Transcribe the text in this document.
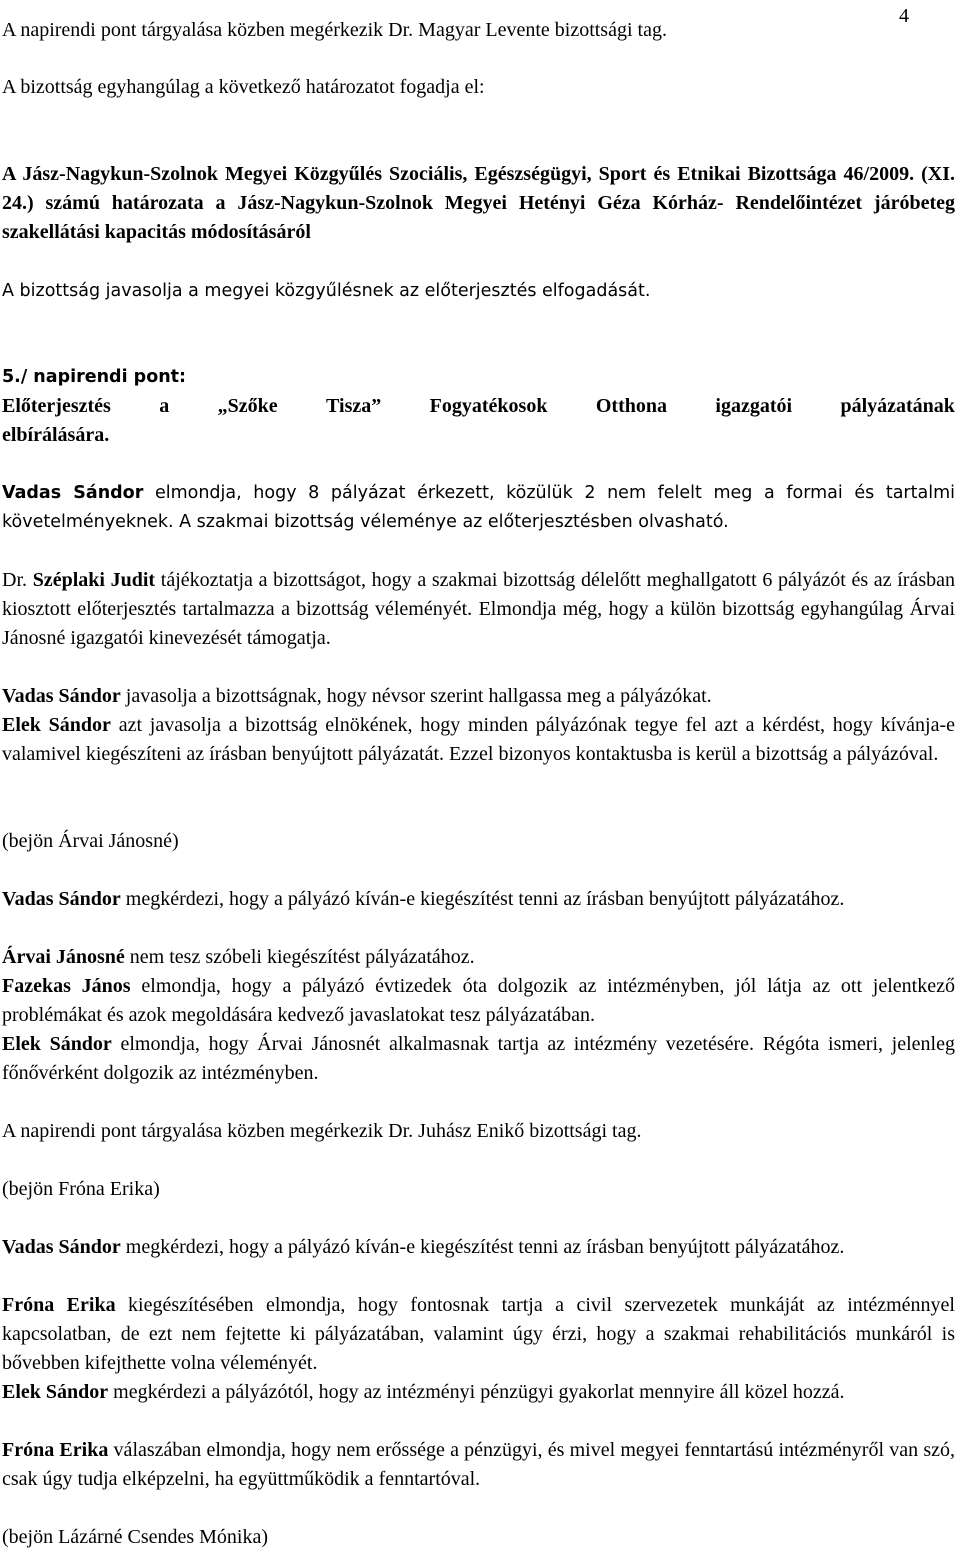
4

A napirendi pont tárgyalása közben megérkezik Dr. Magyar Levente bizottsági tag.

A bizottság egyhangúlag a következő határozatot fogadja el:

A Jász-Nagykun-Szolnok Megyei Közgyűlés Szociális, Egészségügyi, Sport és Etnikai Bizottsága 46/2009. (XI. 24.) számú határozata a Jász-Nagykun-Szolnok Megyei Hetényi Géza Kórház- Rendelőintézet járóbeteg szakellátási kapacitás módosításáról

A bizottság javasolja a megyei közgyűlésnek az előterjesztés elfogadását.

5./ napirendi pont:

Előterjesztés a „Szőke Tisza” Fogyatékosok Otthona igazgatói pályázatának
elbírálására.

Vadas Sándor elmondja, hogy 8 pályázat érkezett, közülük 2 nem felelt meg a formai és tartalmi követelményeknek. A szakmai bizottság véleménye az előterjesztésben olvasható.

Dr. Széplaki Judit tájékoztatja a bizottságot, hogy a szakmai bizottság délelőtt meghallgatott 6 pályázót és az írásban kiosztott előterjesztés tartalmazza a bizottság véleményét. Elmondja még, hogy a külön bizottság egyhangúlag Árvai Jánosné igazgatói kinevezését támogatja.

Vadas Sándor javasolja a bizottságnak, hogy névsor szerint hallgassa meg a pályázókat.

Elek Sándor azt javasolja a bizottság elnökének, hogy minden pályázónak tegye fel azt a kérdést, hogy kívánja-e valamivel kiegészíteni az írásban benyújtott pályázatát. Ezzel bizonyos kontaktusba is kerül a bizottság a pályázóval.

(bejön Árvai Jánosné)

Vadas Sándor megkérdezi, hogy a pályázó kíván-e kiegészítést tenni az írásban benyújtott pályázatához.

Árvai Jánosné nem tesz szóbeli kiegészítést pályázatához.

Fazekas János elmondja, hogy a pályázó évtizedek óta dolgozik az intézményben, jól látja az ott jelentkező problémákat és azok megoldására kedvező javaslatokat tesz pályázatában.

Elek Sándor elmondja, hogy Árvai Jánosnét alkalmasnak tartja az intézmény vezetésére. Régóta ismeri, jelenleg főnővérként dolgozik az intézményben.

A napirendi pont tárgyalása közben megérkezik Dr. Juhász Enikő bizottsági tag.

(bejön Fróna Erika)

Vadas Sándor megkérdezi, hogy a pályázó kíván-e kiegészítést tenni az írásban benyújtott pályázatához.

Fróna Erika kiegészítésében elmondja, hogy fontosnak tartja a civil szervezetek munkáját az intézménnyel kapcsolatban, de ezt nem fejtette ki pályázatában, valamint úgy érzi, hogy a szakmai rehabilitációs munkáról is bővebben kifejthette volna véleményét.

Elek Sándor megkérdezi a pályázótól, hogy az intézményi pénzügyi gyakorlat mennyire áll közel hozzá.

Fróna Erika válaszában elmondja, hogy nem erőssége a pénzügyi, és mivel megyei fenntartású intézményről van szó, csak úgy tudja elképzelni, ha együttműködik a fenntartóval.

(bejön Lázárné Csendes Mónika)
